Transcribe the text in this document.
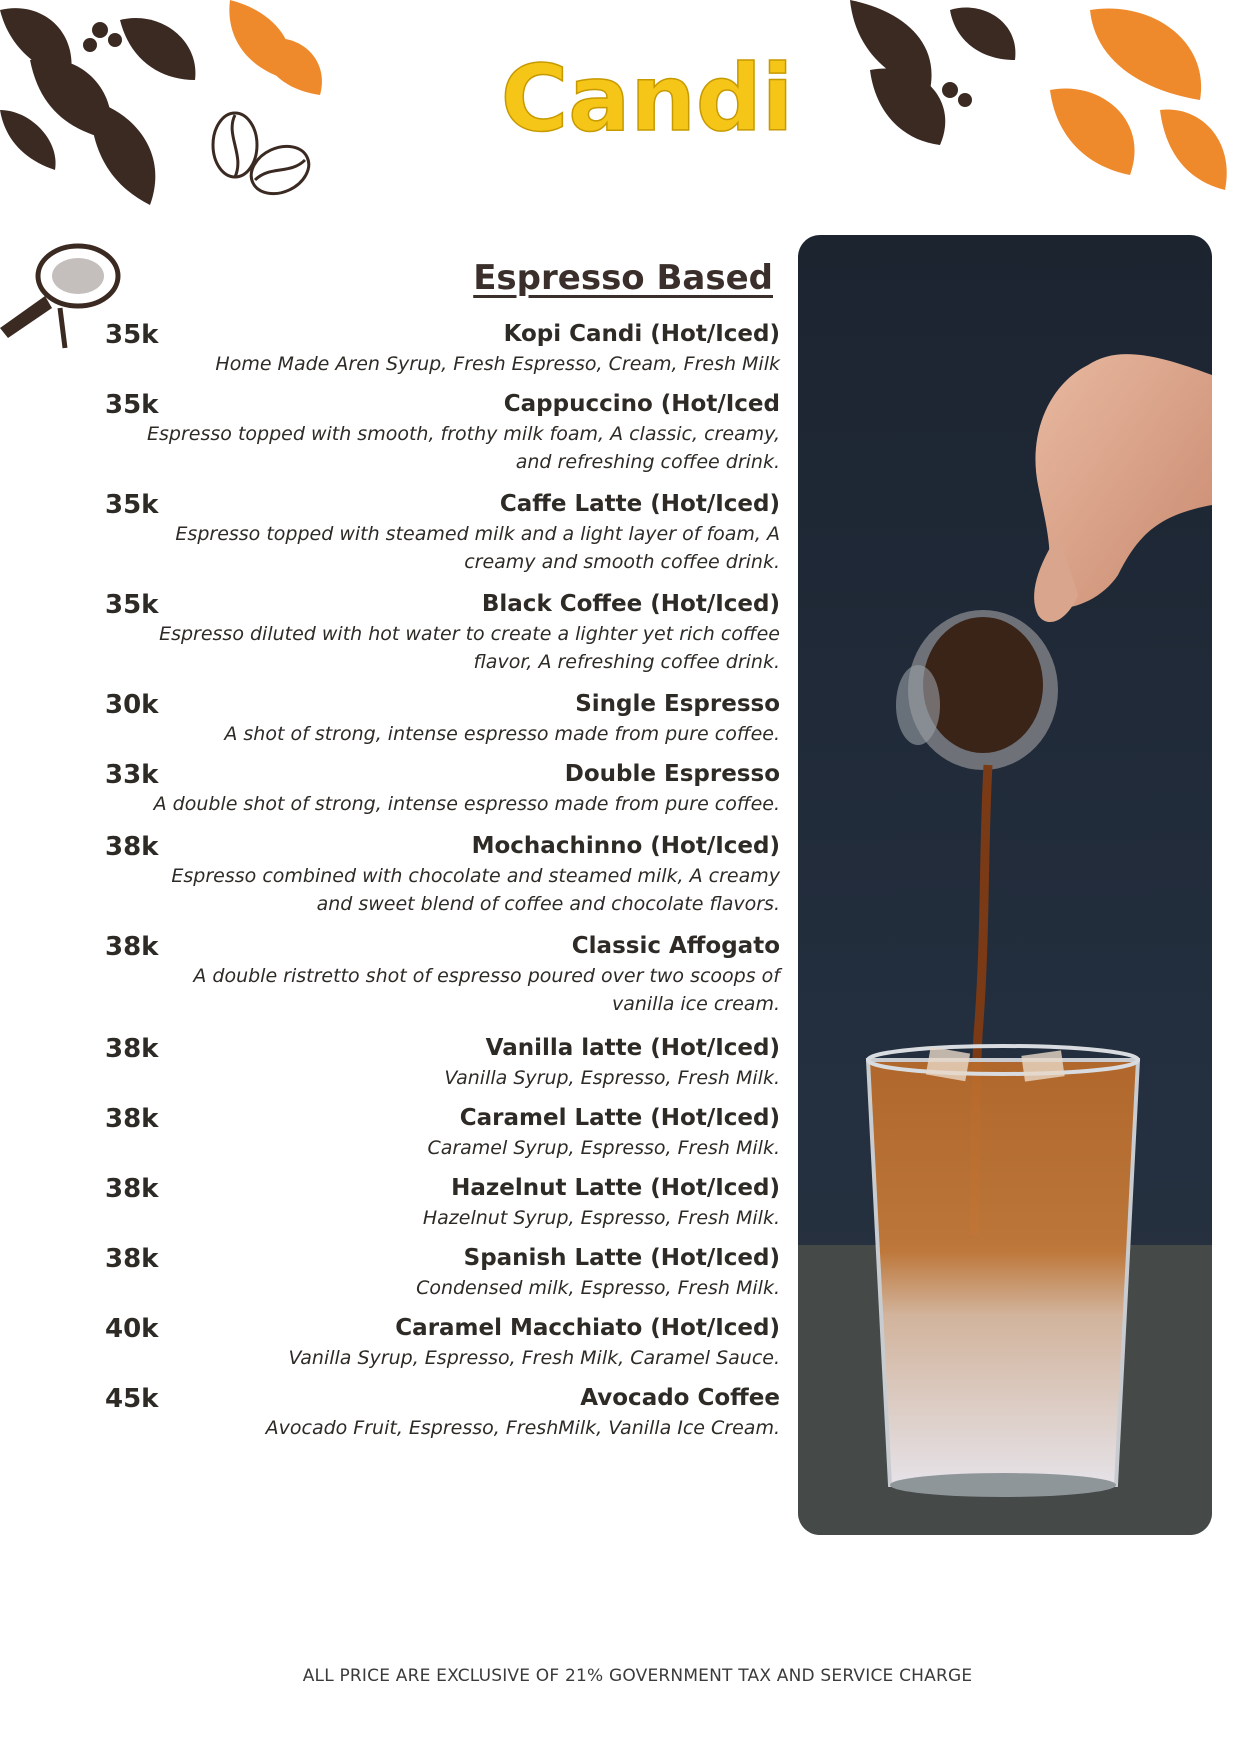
Candi
Espresso Based
35k	Kopi Candi (Hot/Iced)
Home Made Aren Syrup, Fresh Espresso, Cream, Fresh Milk
35k	Cappuccino (Hot/Iced
Espresso topped with smooth, frothy milk foam, A classic, creamy, and refreshing coffee drink.
35k	Caffe Latte (Hot/Iced)
Espresso topped with steamed milk and a light layer of foam, A creamy and smooth coffee drink.
35k	Black Coffee (Hot/Iced)
Espresso diluted with hot water to create a lighter yet rich coffee flavor, A refreshing coffee drink.
30k	Single Espresso
A shot of strong, intense espresso made from pure coffee.
33k	Double Espresso
A double shot of strong, intense espresso made from pure coffee.
38k	Mochachinno (Hot/Iced)
Espresso combined with chocolate and steamed milk, A creamy and sweet blend of coffee and chocolate flavors.
38k	Classic Affogato
A double ristretto shot of espresso poured over two scoops of vanilla ice cream.
38k	Vanilla latte (Hot/Iced)
Vanilla Syrup, Espresso, Fresh Milk.
38k	Caramel Latte (Hot/Iced)
Caramel Syrup, Espresso, Fresh Milk.
38k	Hazelnut Latte (Hot/Iced)
Hazelnut Syrup, Espresso, Fresh Milk.
38k	Spanish Latte (Hot/Iced)
Condensed milk, Espresso, Fresh Milk.
40k	Caramel Macchiato (Hot/Iced)
Vanilla Syrup, Espresso, Fresh Milk, Caramel Sauce.
45k	Avocado Coffee
Avocado Fruit, Espresso, FreshMilk, Vanilla Ice Cream.
ALL PRICE ARE EXCLUSIVE OF 21% GOVERNMENT TAX AND SERVICE CHARGE
